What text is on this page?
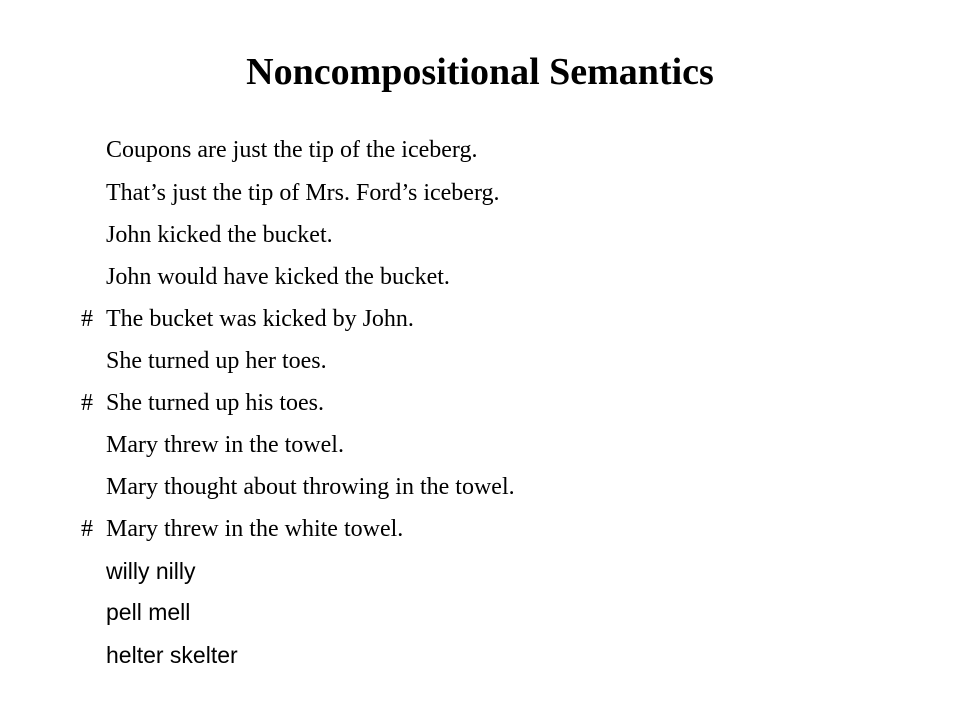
Noncompositional Semantics
Coupons are just the tip of the iceberg.
That’s just the tip of Mrs. Ford’s iceberg.
John kicked the bucket.
John would have kicked the bucket.
# The bucket was kicked by John.
She turned up her toes.
# She turned up his toes.
Mary threw in the towel.
Mary thought about throwing in the towel.
# Mary threw in the white towel.
willy nilly
pell mell
helter skelter
